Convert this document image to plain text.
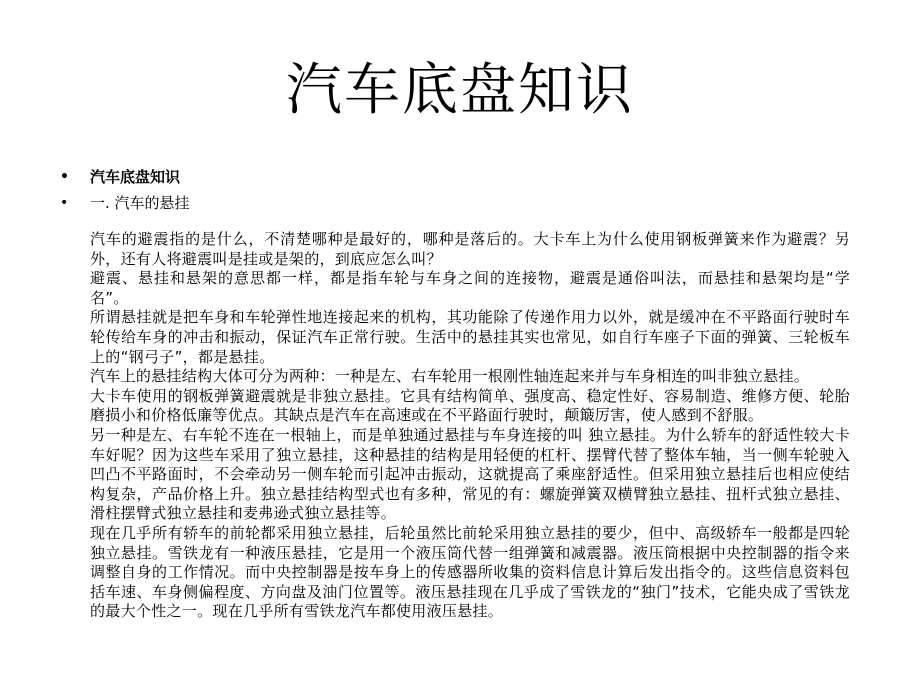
汽车底盘知识
• 汽车底盘知识
• 一. 汽车的悬挂

汽车的避震指的是什么，不清楚哪种是最好的，哪种是落后的。大卡车上为什么使用钢板弹簧来作为避震？另外，还有人将避震叫是挂或是架的，到底应怎么叫？

避震、悬挂和悬架的意思都一样，都是指车轮与车身之间的连接物，避震是通俗叫法，而悬挂和悬架均是“学名”。

所谓悬挂就是把车身和车轮弹性地连接起来的机构，其功能除了传递作用力以外，就是缓冲在不平路面行驶时车轮传给车身的冲击和振动，保证汽车正常行驶。生活中的悬挂其实也常见，如自行车座子下面的弹簧、三轮板车上的“钢弓子”，都是悬挂。

汽车上的悬挂结构大体可分为两种：一种是左、右车轮用一根刚性轴连起来并与车身相连的叫非独立悬挂。

大卡车使用的钢板弹簧避震就是非独立悬挂。它具有结构简单、强度高、稳定性好、容易制造、维修方便、轮胎磨损小和价格低廉等优点。其缺点是汽车在高速或在不平路面行驶时，颠簸厉害，使人感到不舒服。

另一种是左、右车轮不连在一根轴上，而是单独通过悬挂与车身连接的叫 独立悬挂。为什么轿车的舒适性较大卡车好呢？因为这些车采用了独立悬挂，这种悬挂的结构是用轻便的杠杆、摆臂代替了整体车轴，当一侧车轮驶入凹凸不平路面时，不会牵动另一侧车轮而引起冲击振动，这就提高了乘座舒适性。但采用独立悬挂后也相应使结构复杂，产品价格上升。独立悬挂结构型式也有多种，常见的有：螺旋弹簧双横臂独立悬挂、扭杆式独立悬挂、滑柱摆臂式独立悬挂和麦弗逊式独立悬挂等。

现在几乎所有轿车的前轮都采用独立悬挂，后轮虽然比前轮采用独立悬挂的要少，但中、高级轿车一般都是四轮独立悬挂。雪铁龙有一种液压悬挂，它是用一个液压筒代替一组弹簧和减震器。液压筒根据中央控制器的指令来调整自身的工作情况。而中央控制器是按车身上的传感器所收集的资料信息计算后发出指令的。这些信息资料包括车速、车身侧偏程度、方向盘及油门位置等。液压悬挂现在几乎成了雪铁龙的“独门”技术，它能央成了雪铁龙的最大个性之一。现在几乎所有雪铁龙汽车都使用液压悬挂。
